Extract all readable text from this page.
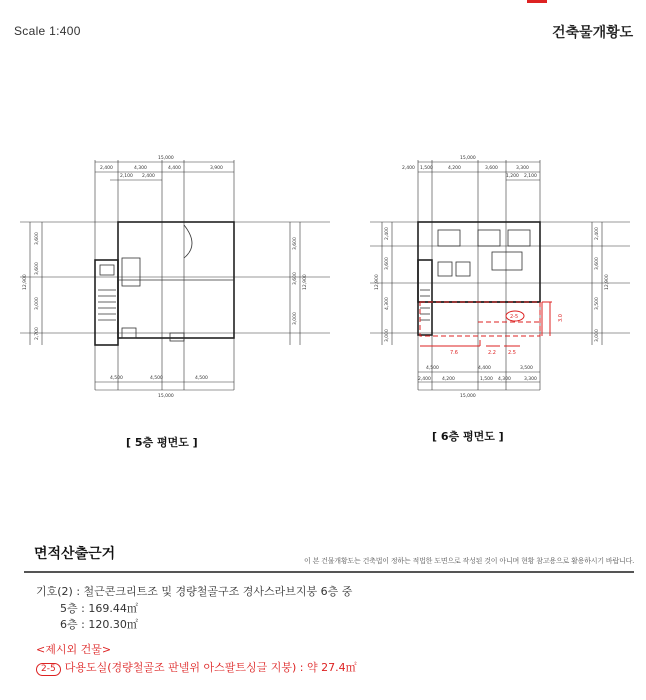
Scale 1:400	건축물개황도
15,000
2,400	4,300	4,400	3,900
2,100 2,400
4,500	4,500	4,500
15,000
12,900
3,600
3,600
3,000
2,700
3,600
3,600
3,000
12,900
[ 5층 평면도 ]
2-5
7.6	2.2 2.5
3.0
15,000
2,400 1,500	4,200	3,600	3,300
1,200 2,100
4,500	4,400	3,500
2,400 4,200	1,500 4,300	3,300
15,000
12,900
2,400
3,600
4,300
3,000
2,400
3,600
3,500
3,000
12,900
[ 6층 평면도 ]
면적산출근거	이 본 건물개황도는 건축법이 정하는 적법한 도면으로 작성된 것이 아니며 현황 참고용으로 활용하시기 바랍니다.
기호(2) : 철근콘크리트조 및 경량철골구조 경사스라브지붕 6층 중
5층 : 169.44㎡
6층 : 120.30㎡
<제시외 건물>
2-5 다용도실(경량철골조 판넬위 아스팔트싱글 지붕) : 약 27.4㎡
